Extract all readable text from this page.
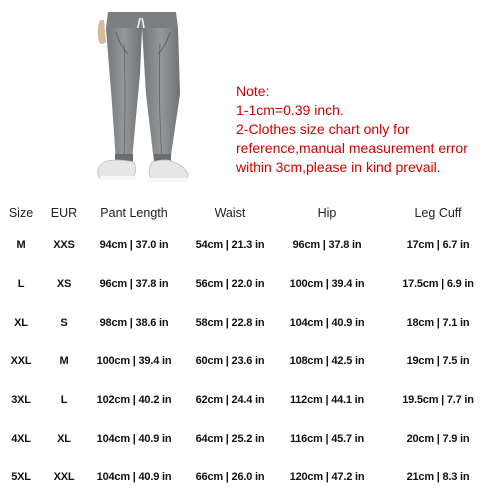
Note:
1-1cm=0.39 inch.
2-Clothes size chart only for
reference,manual measurement error
within 3cm,please in kind prevail.
Size	EUR	Pant Length	Waist	Hip	Leg Cuff
M	XXS	94cm | 37.0 in	54cm | 21.3 in	96cm | 37.8 in	17cm | 6.7 in
L	XS	96cm | 37.8 in	56cm | 22.0 in	100cm | 39.4 in	17.5cm | 6.9 in
XL	S	98cm | 38.6 in	58cm | 22.8 in	104cm | 40.9 in	18cm | 7.1 in
XXL	M	100cm | 39.4 in	60cm | 23.6 in	108cm | 42.5 in	19cm | 7.5 in
3XL	L	102cm | 40.2 in	62cm | 24.4 in	112cm | 44.1 in	19.5cm | 7.7 in
4XL	XL	104cm | 40.9 in	64cm | 25.2 in	116cm | 45.7 in	20cm | 7.9 in
5XL	XXL	104cm | 40.9 in	66cm | 26.0 in	120cm | 47.2 in	21cm | 8.3 in
